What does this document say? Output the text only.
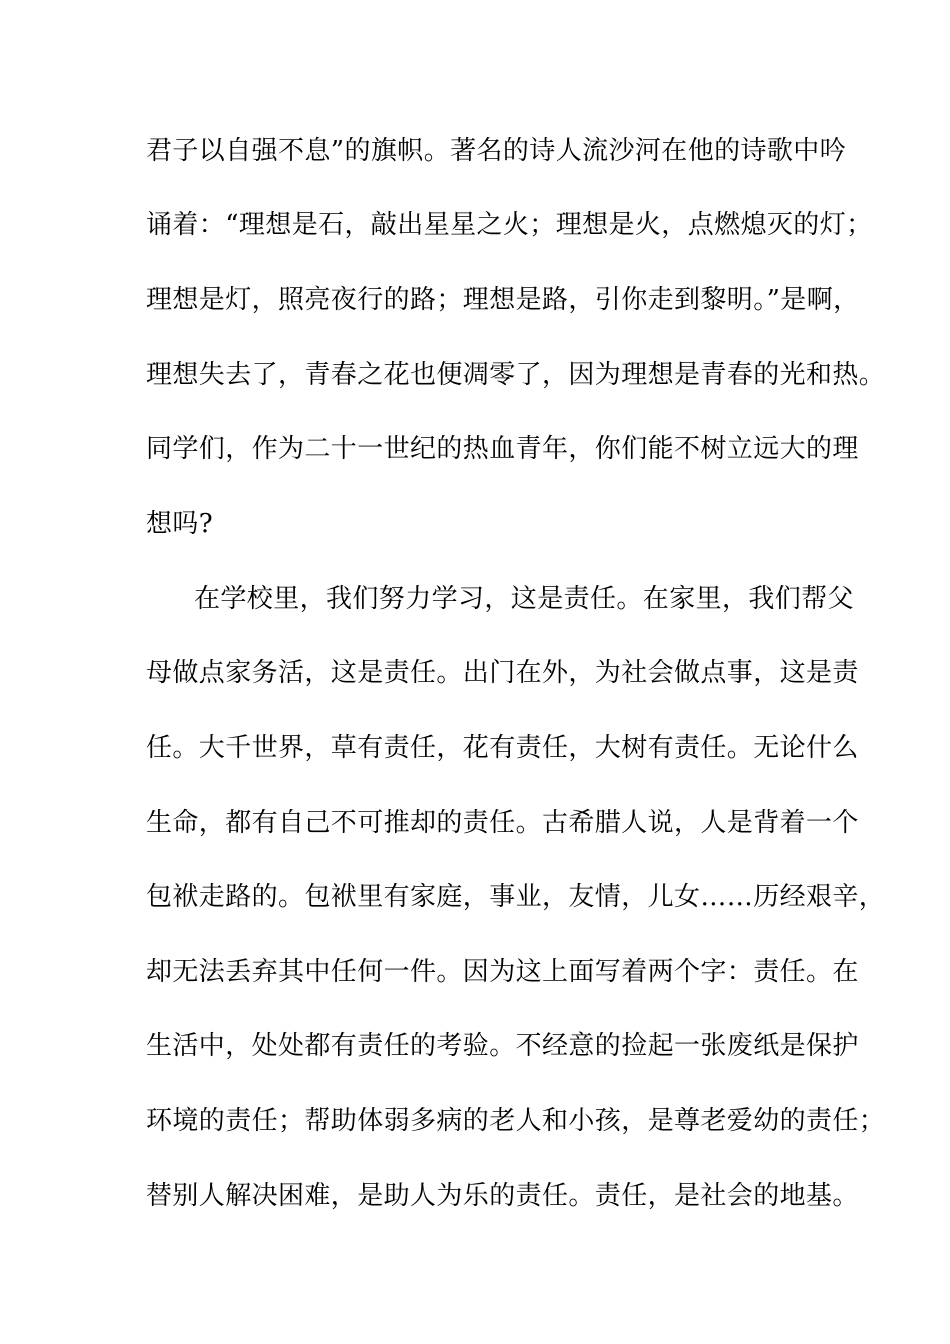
君子以自强不息”的旗帜。著名的诗人流沙河在他的诗歌中吟
诵着：“理想是石，敲出星星之火；理想是火，点燃熄灭的灯；
理想是灯，照亮夜行的路；理想是路，引你走到黎明。”是啊，
理想失去了，青春之花也便凋零了，因为理想是青春的光和热。
同学们，作为二十一世纪的热血青年，你们能不树立远大的理
想吗?
在学校里，我们努力学习，这是责任。在家里，我们帮父
母做点家务活，这是责任。出门在外，为社会做点事，这是责
任。大千世界，草有责任，花有责任，大树有责任。无论什么
生命，都有自己不可推却的责任。古希腊人说，人是背着一个
包袱走路的。包袱里有家庭，事业，友情，儿女……历经艰辛，
却无法丢弃其中任何一件。因为这上面写着两个字：责任。在
生活中，处处都有责任的考验。不经意的捡起一张废纸是保护
环境的责任；帮助体弱多病的老人和小孩，是尊老爱幼的责任；
替别人解决困难，是助人为乐的责任。责任，是社会的地基。
